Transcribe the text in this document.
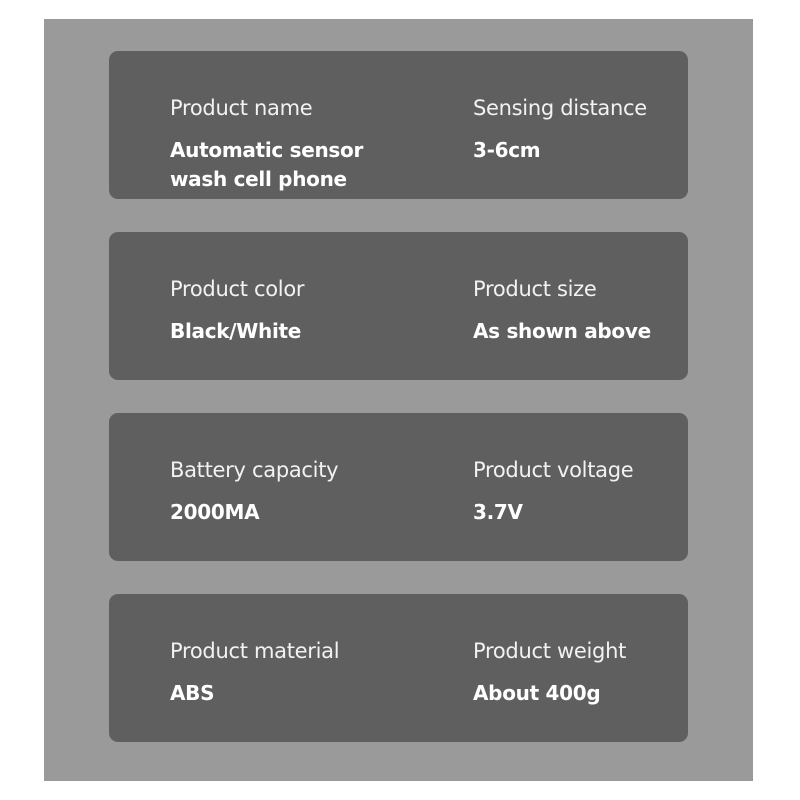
Product name
Automatic sensor
wash cell phone
Sensing distance
3-6cm
Product color
Black/White
Product size
As shown above
Battery capacity
2000MA
Product voltage
3.7V
Product material
ABS
Product weight
About 400g
